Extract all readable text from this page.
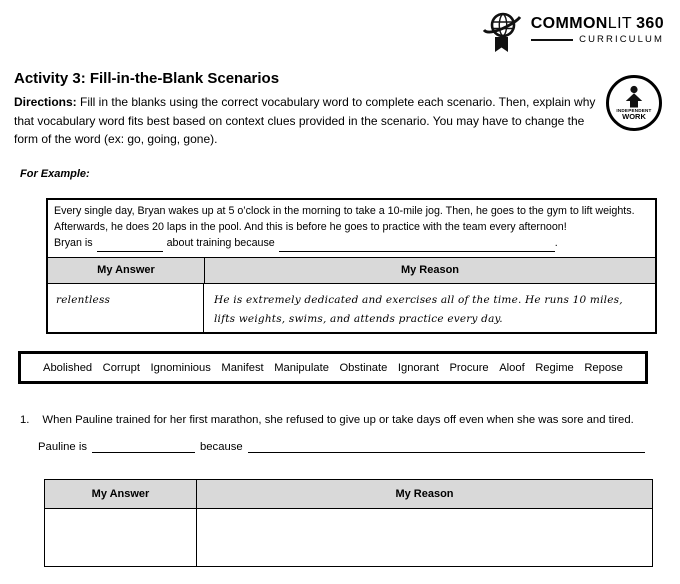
COMMONLIT 360
CURRICULUM
INDEPENDENT
WORK
Activity 3: Fill-in-the-Blank Scenarios
Directions: Fill in the blanks using the correct vocabulary word to complete each scenario. Then, explain why that vocabulary word fits best based on context clues provided in the scenario. You may have to change the form of the word (ex: go, going, gone).
For Example:
Every single day, Bryan wakes up at 5 o’clock in the morning to take a 10-mile jog. Then, he goes to the gym to lift weights. Afterwards, he does 20 laps in the pool. And this is before he goes to practice with the team every afternoon!
Bryan is	about training because	.
My Answer	My Reason
relentless	He is extremely dedicated and exercises all of the time. He runs 10 miles, lifts weights, swims, and attends practice every day.
Abolished Corrupt Ignominious Manifest Manipulate Obstinate Ignorant Procure Aloof Regime Repose
1. When Pauline trained for her first marathon, she refused to give up or take days off even when she was sore and tired.
Pauline is	because
My Answer	My Reason
